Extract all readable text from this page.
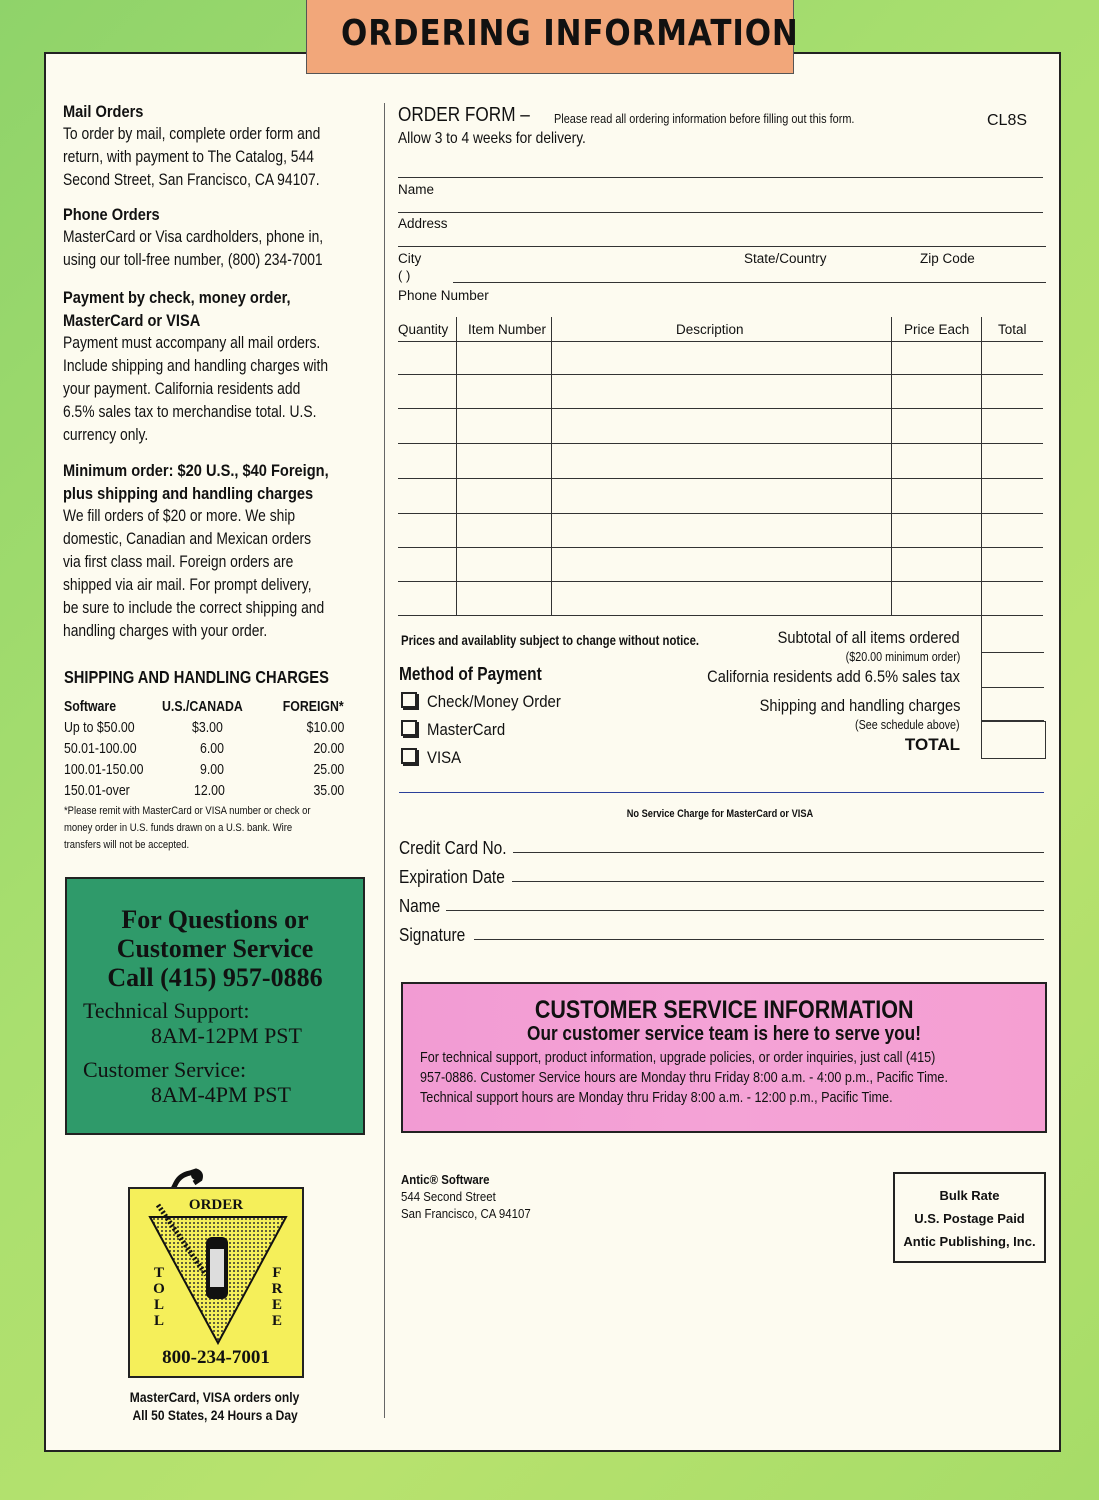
ORDERING INFORMATION
Mail Orders
To order by mail, complete order form and
return, with payment to The Catalog, 544
Second Street, San Francisco, CA 94107.
Phone Orders
MasterCard or Visa cardholders, phone in,
using our toll-free number, (800) 234-7001
Payment by check, money order,
MasterCard or VISA
Payment must accompany all mail orders.
Include shipping and handling charges with
your payment. California residents add
6.5% sales tax to merchandise total. U.S.
currency only.
Minimum order: $20 U.S., $40 Foreign,
plus shipping and handling charges
We fill orders of $20 or more. We ship
domestic, Canadian and Mexican orders
via first class mail. Foreign orders are
shipped via air mail. For prompt delivery,
be sure to include the correct shipping and
handling charges with your order.
SHIPPING AND HANDLING CHARGES
Software	U.S./CANADA	FOREIGN*
Up to $50.00	$3.00	$10.00
50.01-100.00	6.00	20.00
100.01-150.00	9.00	25.00
150.01-over	12.00	35.00
*Please remit with MasterCard or VISA number or check or
money order in U.S. funds drawn on a U.S. bank. Wire
transfers will not be accepted.
For Questions or
Customer Service
Call (415) 957-0886
Technical Support:
8AM-12PM PST
Customer Service:
8AM-4PM PST
ORDER
T
O
L
L
F
R
E
E
800-234-7001
MasterCard, VISA orders only
All 50 States, 24 Hours a Day
ORDER FORM –	Please read all ordering information before filling out this form.
Allow 3 to 4 weeks for delivery.
CL8S
Name
Address
City	State/Country	Zip Code
( )
Phone Number
Quantity Item Number	Description	Price Each Total
Prices and availablity subject to change without notice.	Subtotal of all items ordered
($20.00 minimum order)
California residents add 6.5% sales tax
Shipping and handling charges
(See schedule above)
TOTAL
Method of Payment
Check/Money Order
MasterCard
VISA
No Service Charge for MasterCard or VISA
Credit Card No.
Expiration Date
Name
Signature
CUSTOMER SERVICE INFORMATION
Our customer service team is here to serve you!
For technical support, product information, upgrade policies, or order inquiries, just call (415)
957-0886. Customer Service hours are Monday thru Friday 8:00 a.m. - 4:00 p.m., Pacific Time.
Technical support hours are Monday thru Friday 8:00 a.m. - 12:00 p.m., Pacific Time.
Antic® Software
544 Second Street
San Francisco, CA 94107
Bulk Rate
U.S. Postage Paid
Antic Publishing, Inc.
